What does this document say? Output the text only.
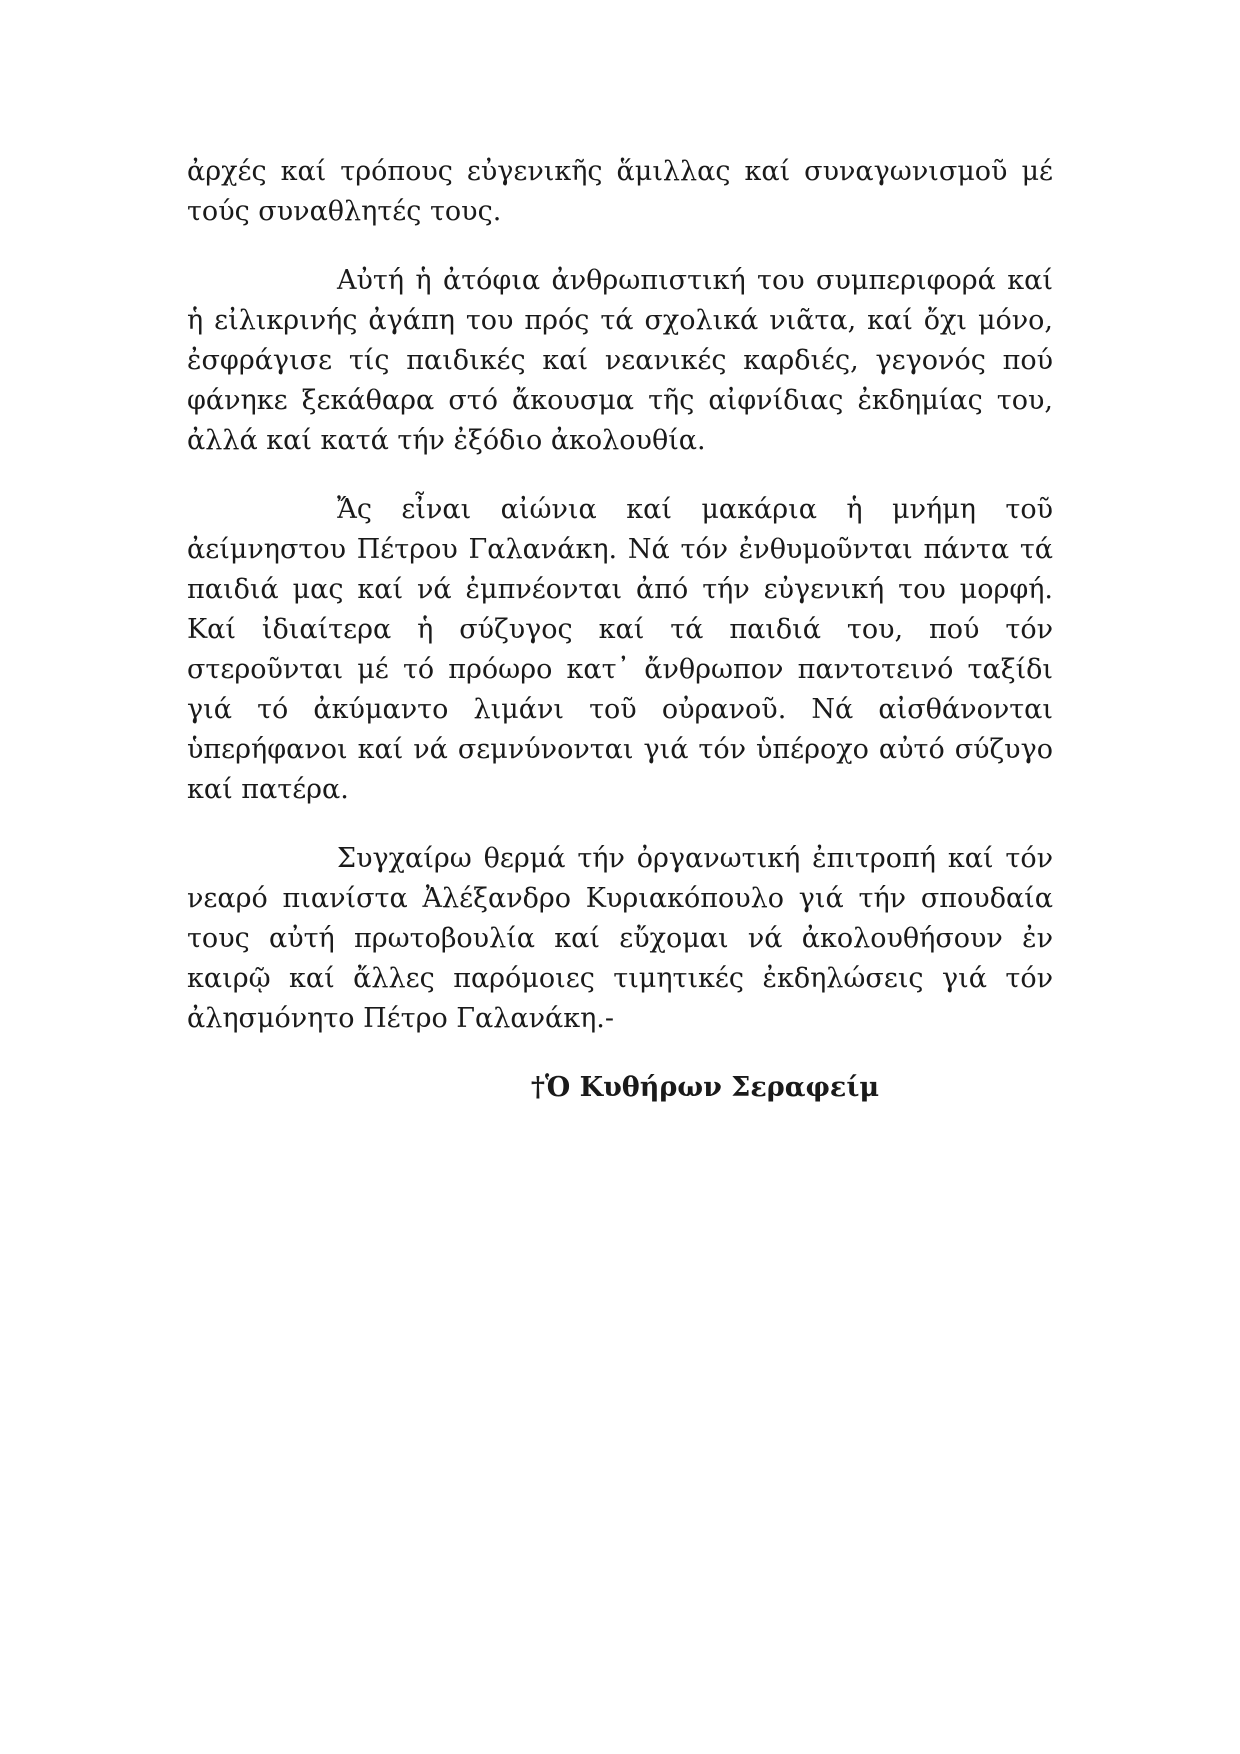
ἀρχές καί τρόπους εὐγενικῆς ἅμιλλας καί συναγωνισμοῦ μέ τούς συναθλητές τους.

Αὐτή ἡ ἀτόφια ἀνθρωπιστική του συμπεριφορά καί ἡ εἰλικρινής ἀγάπη του πρός τά σχολικά νιᾶτα, καί ὄχι μόνο, ἐσφράγισε τίς παιδικές καί νεανικές καρδιές, γεγονός πού φάνηκε ξεκάθαρα στό ἄκουσμα τῆς αἰφνίδιας ἐκδημίας του, ἀλλά καί κατά τήν ἐξόδιο ἀκολουθία.

Ἄς εἶναι αἰώνια καί μακάρια ἡ μνήμη τοῦ ἀείμνηστου Πέτρου Γαλανάκη. Νά τόν ἐνθυμοῦνται πάντα τά παιδιά μας καί νά ἐμπνέονται ἀπό τήν εὐγενική του μορφή. Καί ἰδιαίτερα ἡ σύζυγος καί τά παιδιά του, πού τόν στεροῦνται μέ τό πρόωρο κατ᾽ ἄνθρωπον παντοτεινό ταξίδι γιά τό ἀκύμαντο λιμάνι τοῦ οὐρανοῦ. Νά αἰσθάνονται ὑπερήφανοι καί νά σεμνύνονται γιά τόν ὑπέροχο αὐτό σύζυγο καί πατέρα.

Συγχαίρω θερμά τήν ὀργανωτική ἐπιτροπή καί τόν νεαρό πιανίστα Ἀλέξανδρο Κυριακόπουλο γιά τήν σπουδαία τους αὐτή πρωτοβουλία καί εὔχομαι νά ἀκολουθήσουν ἐν καιρῷ καί ἄλλες παρόμοιες τιμητικές ἐκδηλώσεις γιά τόν ἀλησμόνητο Πέτρο Γαλανάκη.-

†Ὁ Κυθήρων Σεραφείμ
